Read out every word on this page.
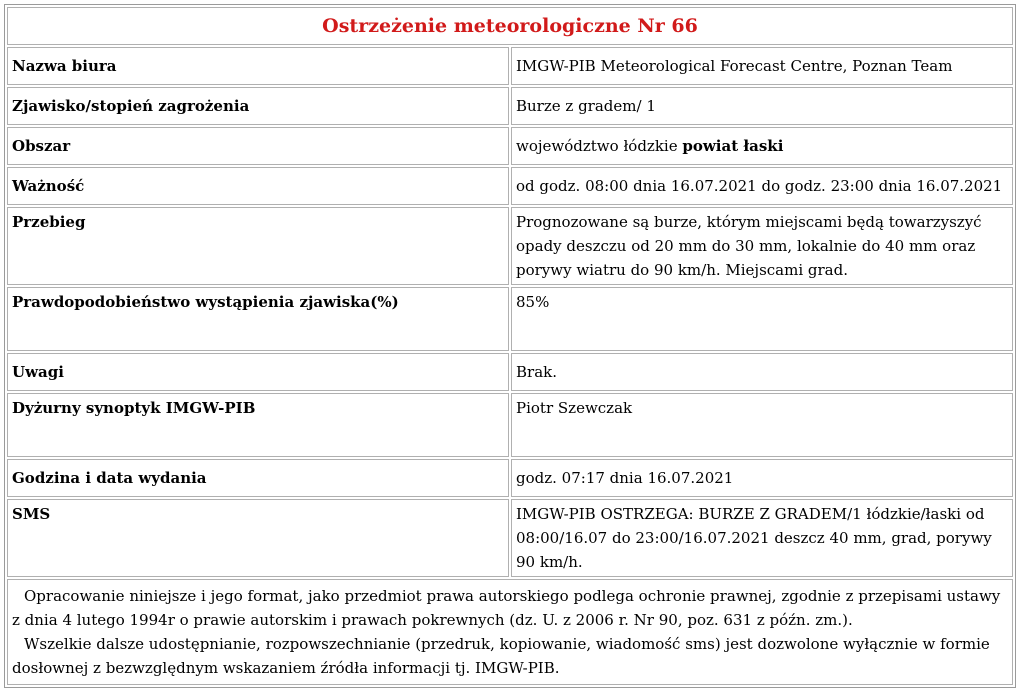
Ostrzeżenie meteorologiczne Nr 66	
Nazwa biura	IMGW-PIB Meteorological Forecast Centre, Poznan Team
Zjawisko/stopień zagrożenia	Burze z gradem/ 1
Obszar	województwo łódzkie powiat łaski
Ważność	od godz. 08:00 dnia 16.07.2021 do godz. 23:00 dnia 16.07.2021
Przebieg	Prognozowane są burze, którym miejscami będą towarzyszyć opady deszczu od 20 mm do 30 mm, lokalnie do 40 mm oraz porywy wiatru do 90 km/h. Miejscami grad.
Prawdopodobieństwo wystąpienia zjawiska(%)	85%
Uwagi	Brak.
Dyżurny synoptyk IMGW-PIB	Piotr Szewczak
Godzina i data wydania	godz. 07:17 dnia 16.07.2021
SMS	IMGW-PIB OSTRZEGA: BURZE Z GRADEM/1 łódzkie/łaski od 08:00/16.07 do 23:00/16.07.2021 deszcz 40 mm, grad, porywy 90 km/h.

Opracowanie niniejsze i jego format, jako przedmiot prawa autorskiego podlega ochronie prawnej, zgodnie z przepisami ustawy z dnia 4 lutego 1994r o prawie autorskim i prawach pokrewnych (dz. U. z 2006 r. Nr 90, poz. 631 z późn. zm.).

Wszelkie dalsze udostępnianie, rozpowszechnianie (przedruk, kopiowanie, wiadomość sms) jest dozwolone wyłącznie w formie dosłownej z bezwzględnym wskazaniem źródła informacji tj. IMGW-PIB.	
